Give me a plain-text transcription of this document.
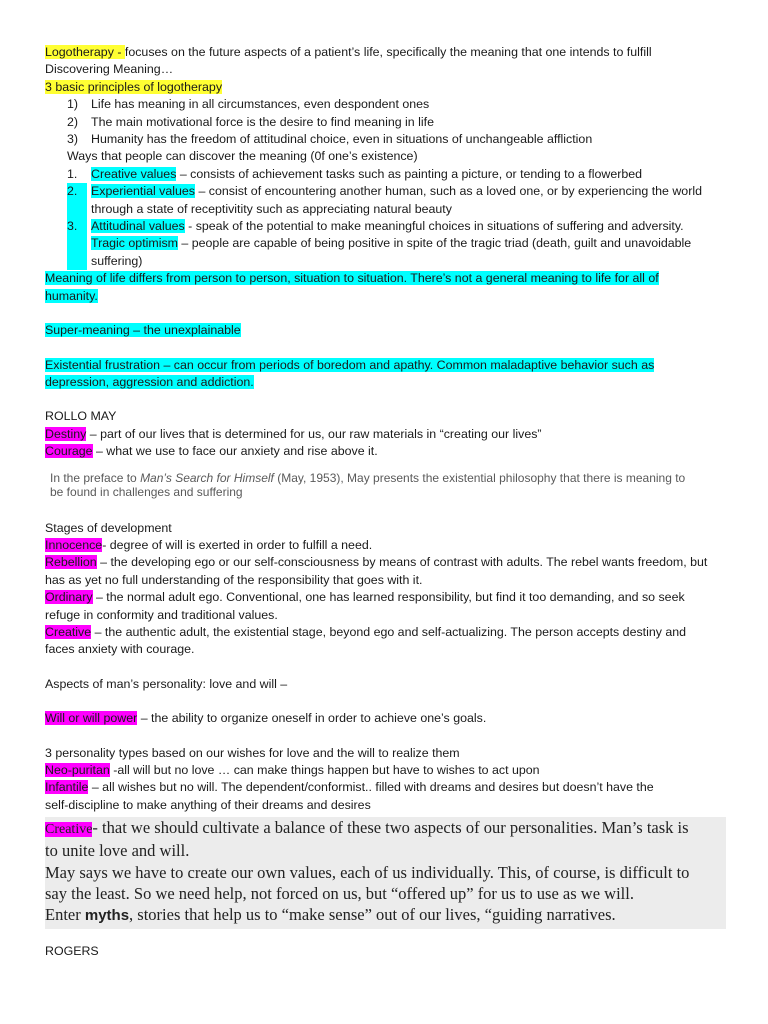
Logotherapy - focuses on the future aspects of a patient’s life, specifically the meaning that one intends to fulfill

Discovering Meaning…

3 basic principles of logotherapy

1)	Life has meaning in all circumstances, even despondent ones
2)	The main motivational force is the desire to find meaning in life
3)	Humanity has the freedom of attitudinal choice, even in situations of unchangeable affliction

Ways that people can discover the meaning (0f one’s existence)

1.	Creative values – consists of achievement tasks such as painting a picture, or tending to a flowerbed
2.	Experiential values – consist of encountering another human, such as a loved one, or by experiencing the world
through a state of receptivitity such as appreciating natural beauty
3.	Attitudinal values - speak of the potential to make meaningful choices in situations of suffering and adversity.
Tragic optimism – people are capable of being positive in spite of the tragic triad (death, guilt and unavoidable
suffering)

Meaning of life differs from person to person, situation to situation. There’s not a general meaning to life for all of
humanity.

Super-meaning – the unexplainable

Existential frustration – can occur from periods of boredom and apathy. Common maladaptive behavior such as
depression, aggression and addiction.

ROLLO MAY

Destiny – part of our lives that is determined for us, our raw materials in “creating our lives”

Courage – what we use to face our anxiety and rise above it.

In the preface to Man’s Search for Himself (May, 1953), May presents the existential philosophy that there is meaning to
be found in challenges and suffering

Stages of development

Innocence- degree of will is exerted in order to fulfill a need.

Rebellion – the developing ego or our self-consciousness by means of contrast with adults. The rebel wants freedom, but
has as yet no full understanding of the responsibility that goes with it.

Ordinary – the normal adult ego. Conventional, one has learned responsibility, but find it too demanding, and so seek
refuge in conformity and traditional values.

Creative – the authentic adult, the existential stage, beyond ego and self-actualizing. The person accepts destiny and
faces anxiety with courage.

Aspects of man’s personality: love and will –

Will or will power – the ability to organize oneself in order to achieve one’s goals.

3 personality types based on our wishes for love and the will to realize them

Neo-puritan -all will but no love … can make things happen but have to wishes to act upon

Infantile – all wishes but no will. The dependent/conformist.. filled with dreams and desires but doesn’t have the
self-discipline to make anything of their dreams and desires

Creative- that we should cultivate a balance of these two aspects of our personalities. Man’s task is
to unite love and will.
May says we have to create our own values, each of us individually. This, of course, is difficult to
say the least. So we need help, not forced on us, but “offered up” for us to use as we will.
Enter myths, stories that help us to “make sense” out of our lives, “guiding narratives.

ROGERS
